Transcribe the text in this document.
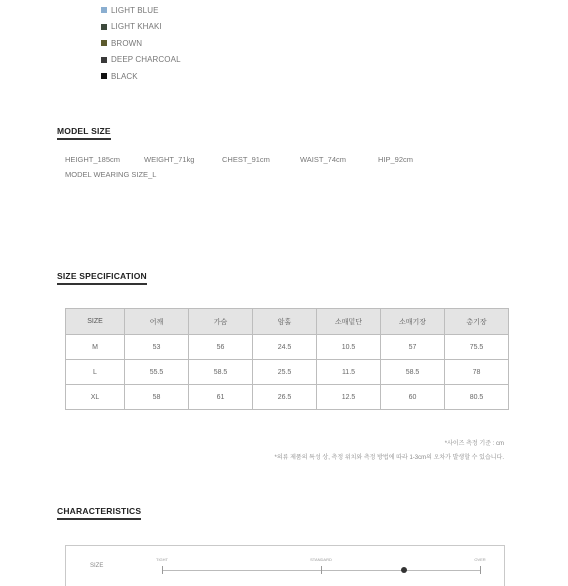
LIGHT BLUE
LIGHT KHAKI
BROWN
DEEP CHARCOAL
BLACK
MODEL SIZE
HEIGHT_185cm	WEIGHT_71kg	CHEST_91cm	WAIST_74cm	HIP_92cm
MODEL WEARING SIZE_L
SIZE SPECIFICATION
SIZE	어깨	가슴	암홀	소매밑단	소매기장	총기장
M	53	56	24.5	10.5	57	75.5
L	55.5	58.5	25.5	11.5	58.5	78
XL	58	61	26.5	12.5	60	80.5
*사이즈 측정 기준 : cm
*의류 제품의 특성 상, 측정 위치와 측정 방법에 따라 1-3cm의 오차가 발생할 수 있습니다.
CHARACTERISTICS
SIZE
TIGHT	STANDARD	OVER
